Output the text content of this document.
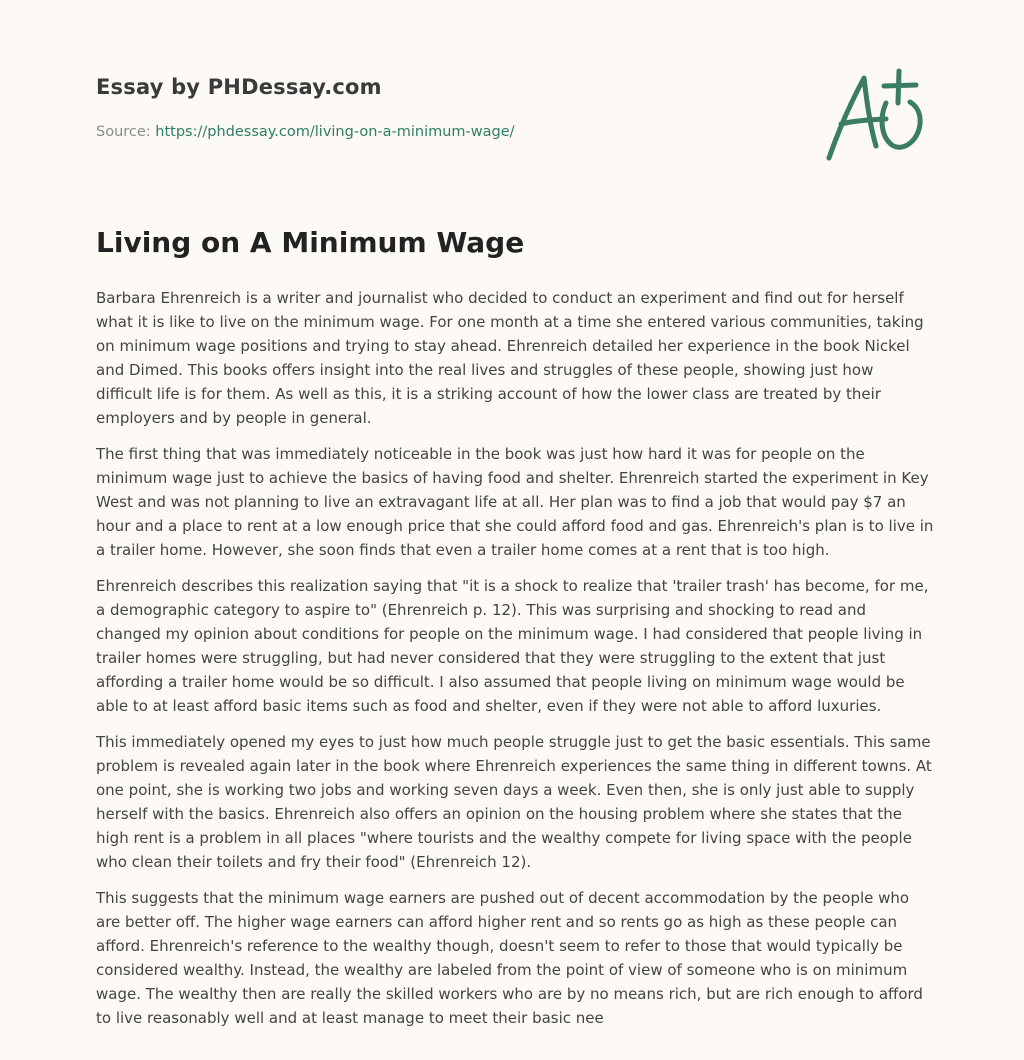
Essay by PHDessay.com
Source: https://phdessay.com/living-on-a-minimum-wage/
Living on A Minimum Wage

Barbara Ehrenreich is a writer and journalist who decided to conduct an experiment and find out for herself what it is like to live on the minimum wage. For one month at a time she entered various communities, taking on minimum wage positions and trying to stay ahead. Ehrenreich detailed her experience in the book Nickel and Dimed. This books offers insight into the real lives and struggles of these people, showing just how difficult life is for them. As well as this, it is a striking account of how the lower class are treated by their employers and by people in general.

The first thing that was immediately noticeable in the book was just how hard it was for people on the minimum wage just to achieve the basics of having food and shelter. Ehrenreich started the experiment in Key West and was not planning to live an extravagant life at all. Her plan was to find a job that would pay $7 an hour and a place to rent at a low enough price that she could afford food and gas. Ehrenreich's plan is to live in a trailer home. However, she soon finds that even a trailer home comes at a rent that is too high.

Ehrenreich describes this realization saying that "it is a shock to realize that 'trailer trash' has become, for me, a demographic category to aspire to" (Ehrenreich p. 12). This was surprising and shocking to read and changed my opinion about conditions for people on the minimum wage. I had considered that people living in trailer homes were struggling, but had never considered that they were struggling to the extent that just affording a trailer home would be so difficult. I also assumed that people living on minimum wage would be able to at least afford basic items such as food and shelter, even if they were not able to afford luxuries.

This immediately opened my eyes to just how much people struggle just to get the basic essentials. This same problem is revealed again later in the book where Ehrenreich experiences the same thing in different towns. At one point, she is working two jobs and working seven days a week. Even then, she is only just able to supply herself with the basics. Ehrenreich also offers an opinion on the housing problem where she states that the high rent is a problem in all places "where tourists and the wealthy compete for living space with the people who clean their toilets and fry their food" (Ehrenreich 12).

This suggests that the minimum wage earners are pushed out of decent accommodation by the people who are better off. The higher wage earners can afford higher rent and so rents go as high as these people can afford. Ehrenreich's reference to the wealthy though, doesn't seem to refer to those that would typically be considered wealthy. Instead, the wealthy are labeled from the point of view of someone who is on minimum wage. The wealthy then are really the skilled workers who are by no means rich, but are rich enough to afford to live reasonably well and at least manage to meet their basic nee
